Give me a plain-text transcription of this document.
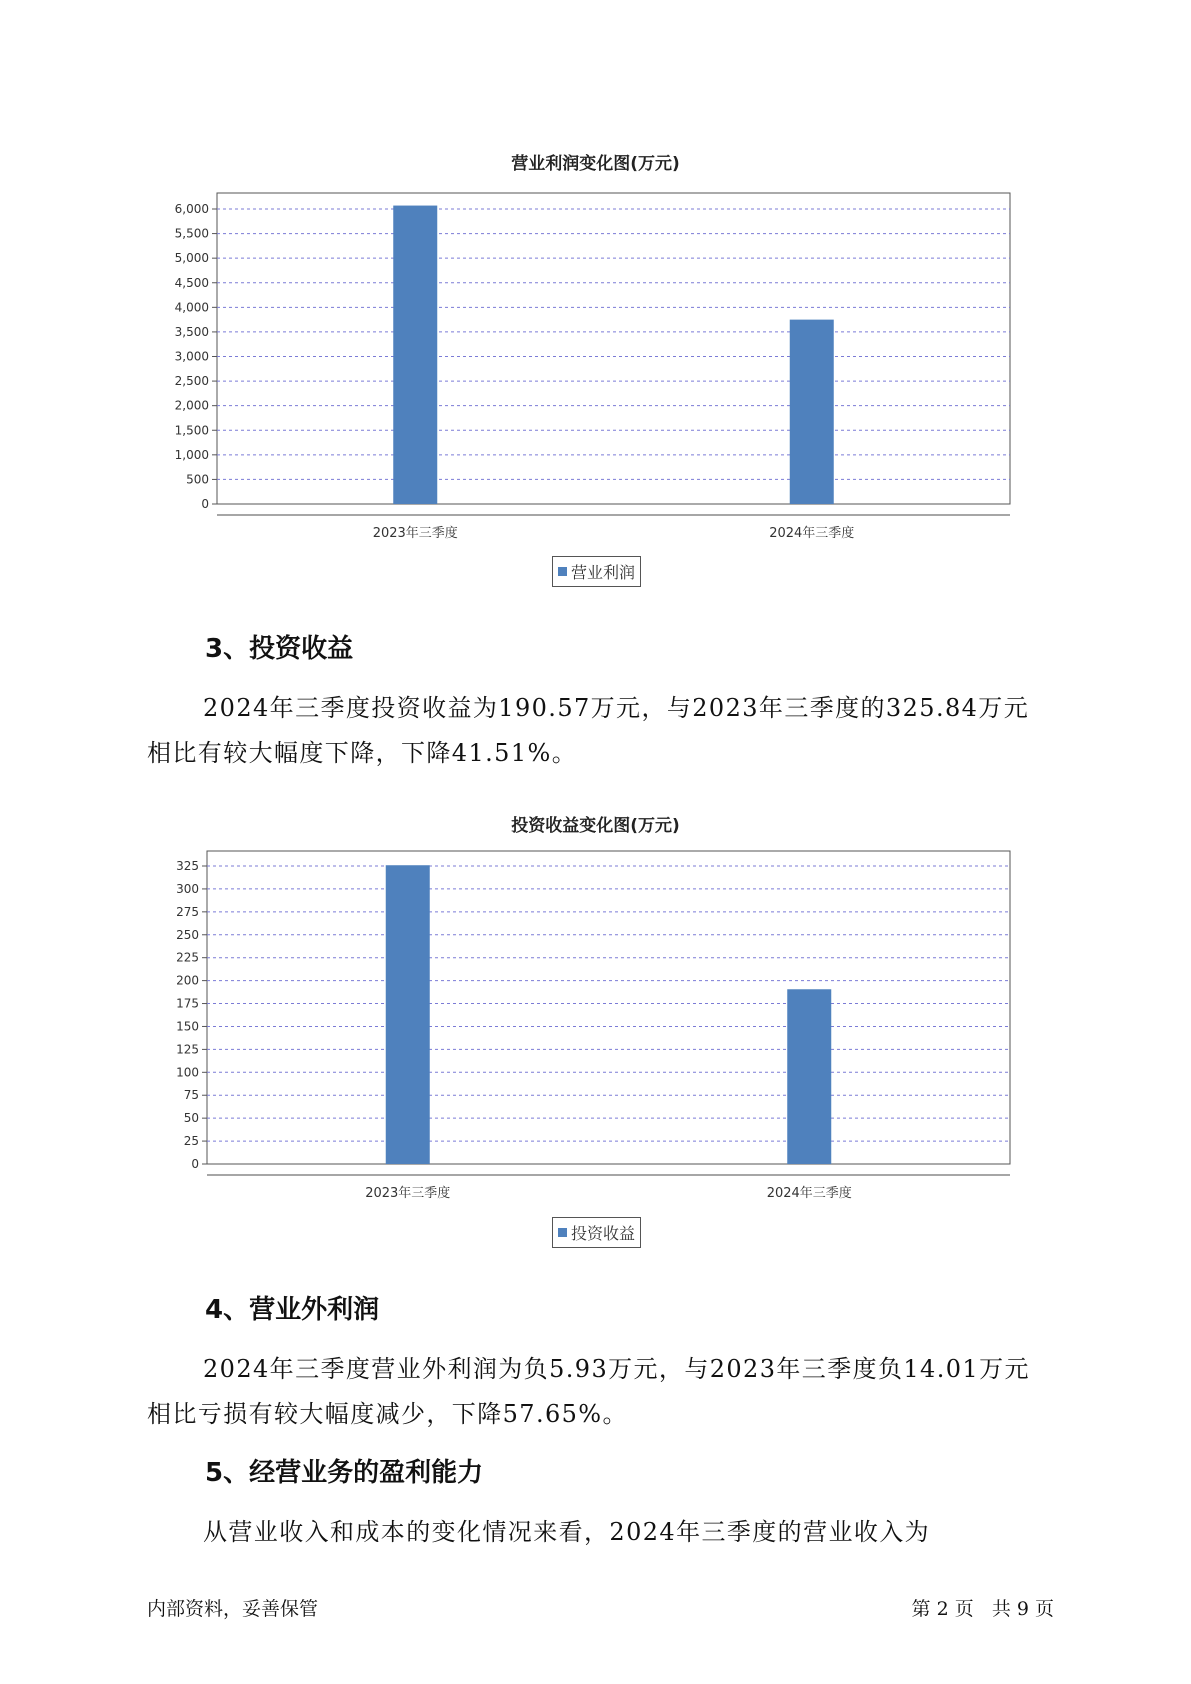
营业利润变化图(万元)
0
500
1,000
1,500
2,000
2,500
3,000
3,500
4,000
4,500
5,000
5,500
6,000
2023年三季度	2024年三季度
营业利润
3、投资收益
2024年三季度投资收益为190.57万元，与2023年三季度的325.84万元
相比有较大幅度下降，下降41.51%。
投资收益变化图(万元)
0
25
50
75
100
125
150
175
200
225
250
275
300
325
2023年三季度	2024年三季度
投资收益
4、营业外利润
2024年三季度营业外利润为负5.93万元，与2023年三季度负14.01万元
相比亏损有较大幅度减少，下降57.65%。
5、经营业务的盈利能力
从营业收入和成本的变化情况来看，2024年三季度的营业收入为
内部资料，妥善保管	第 2 页   共 9 页
